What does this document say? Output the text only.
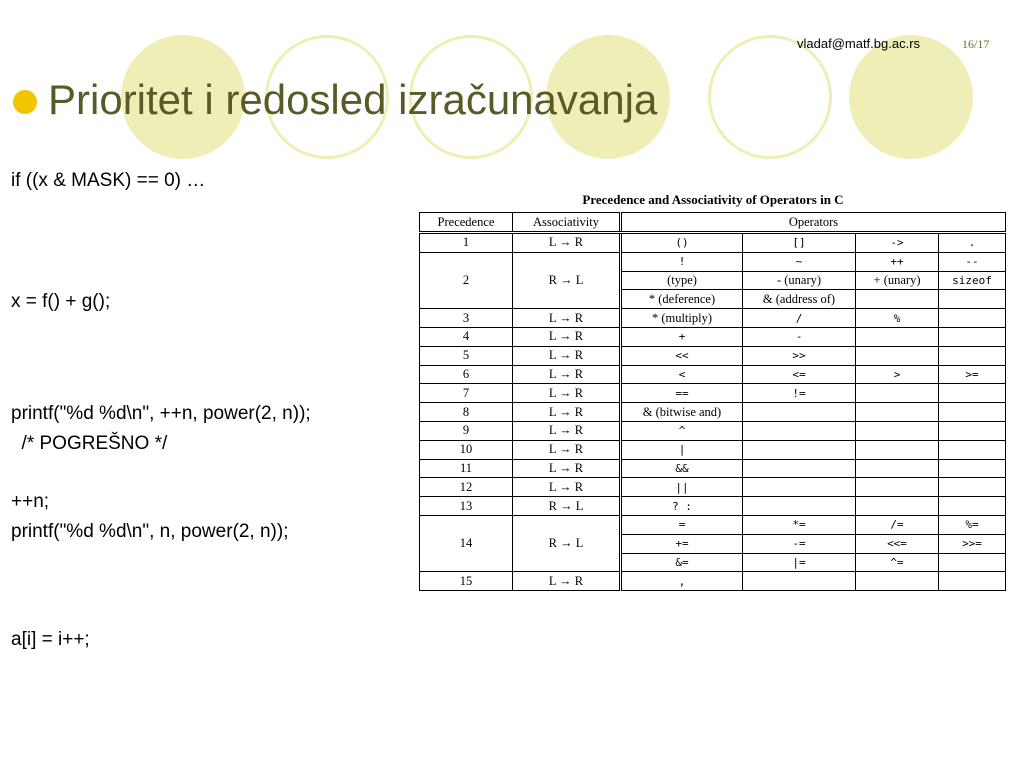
vladaf@matf.bg.ac.rs	16/17
Prioritet i redosled izračunavanja
if ((x & MASK) == 0) …
x = f() + g();
printf("%d %d\n", ++n, power(2, n));
/* POGREŠNO */
++n;
printf("%d %d\n", n, power(2, n));
a[i] = i++;
Precedence and Associativity of Operators in C
Precedence	Associativity	Operators			
1	L → R	()	[]	->	.
2	R → L	!	~	++	--
		(type)	- (unary)	+ (unary)	sizeof
		* (deference)	& (address of)		
3	L → R	* (multiply)	/	%	
4	L → R	+	-		
5	L → R	<<	>>		
6	L → R	<	<=	>	>=
7	L → R	==	!=		
8	L → R	& (bitwise and)			
9	L → R	^			
10	L → R	|			
11	L → R	&&			
12	L → R	||			
13	R → L	? :			
14	R → L	=	*=	/=	%=
		+=	-=	<<=	>>=
		&=	|=	^=	
15	L → R	,			
